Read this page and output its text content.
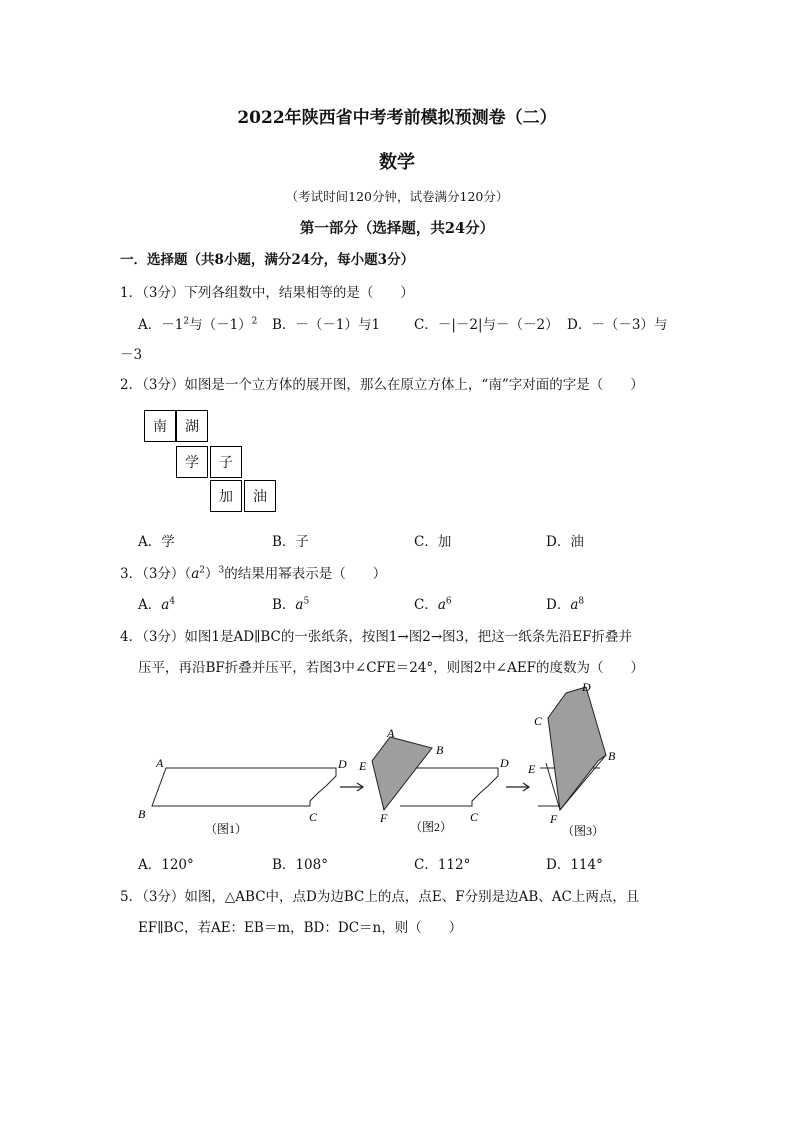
2022年陕西省中考考前模拟预测卷（二）
数学
（考试时间120分钟，试卷满分120分）
第一部分（选择题，共24分）
一．选择题（共8小题，满分24分，每小题3分）
1．（3分）下列各组数中，结果相等的是（　　）
A．$-1^2$与$(-1)^2$ B．－（－1）与1	C．－|－2|与－（－2） D．－（－3）与
－3
2．（3分）如图是一个立方体的展开图，那么在原立方体上，“南”字对面的字是（　　）
南	湖
学	子
加	油
A．学	B．子	C．加	D．油
3．（3分）$(a^2)^3$的结果用幂表示是（　　）
A．$a^4$	B．$a^5$	C．$a^6$	D．$a^8$
4．（3分）如图1是AD∥BC的一张纸条，按图1→图2→图3，把这一纸条先沿EF折叠并
压平，再沿BF折叠并压平，若图3中∠CFE＝24°，则图2中∠AEF的度数为（　　）
A	D
B	C
（图1）
A
B
E	D
F	C
（图2）
D
C
B
E
F
（图3）
A．120°	B．108°	C．112°	D．114°
5．（3分）如图，△ABC中，点D为边BC上的点，点E、F分别是边AB、AC上两点，且
EF∥BC，若AE：EB＝m，BD：DC＝n，则（　　）
